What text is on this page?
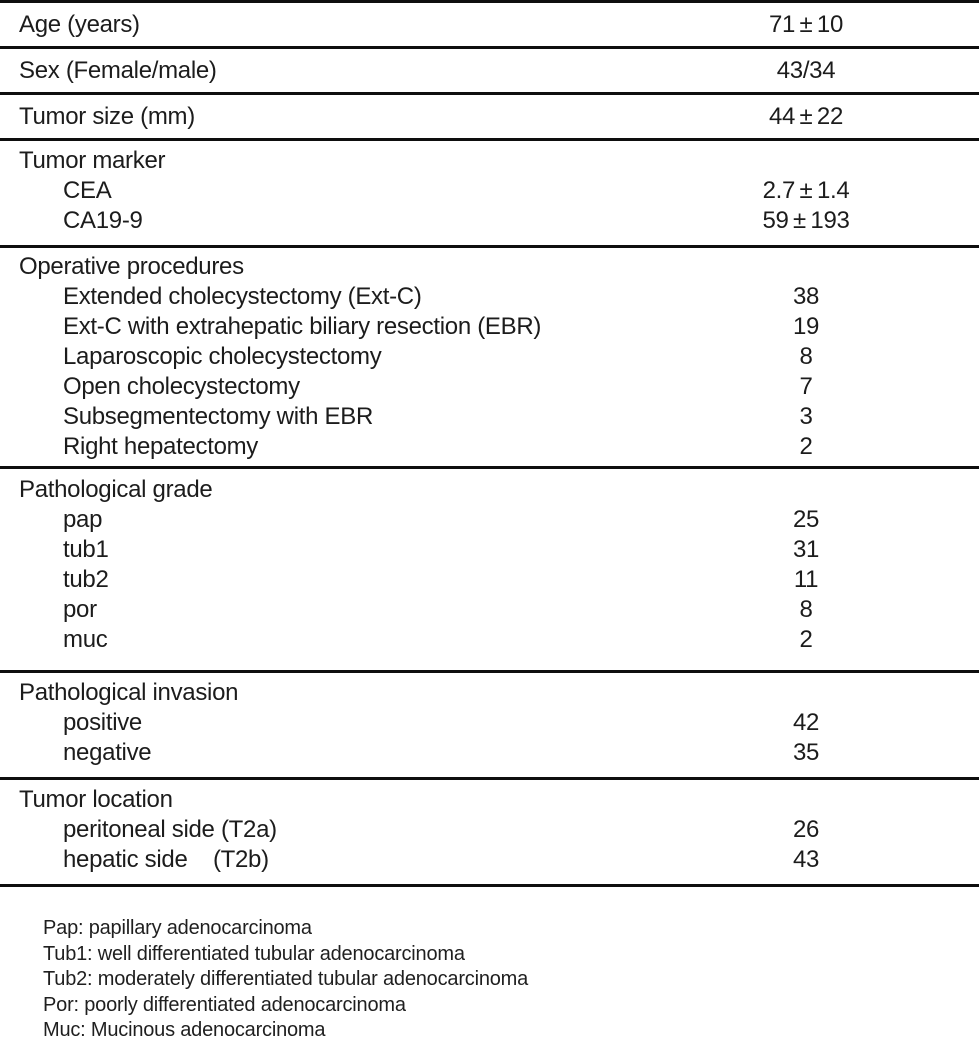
Age (years)	71 ± 10
Sex (Female/male)	43/34
Tumor size (mm)	44 ± 22
Tumor marker
CEA	2.7 ± 1.4
CA19-9	59 ± 193
Operative procedures
Extended cholecystectomy (Ext-C)	38
Ext-C with extrahepatic biliary resection (EBR)	19
Laparoscopic cholecystectomy	8
Open cholecystectomy	7
Subsegmentectomy with EBR	3
Right hepatectomy	2
Pathological grade
pap	25
tub1	31
tub2	11
por	8
muc	2
Pathological invasion
positive	42
negative	35
Tumor location
peritoneal side (T2a)	26
hepatic side    (T2b)	43
Pap: papillary adenocarcinoma
Tub1: well differentiated tubular adenocarcinoma
Tub2: moderately differentiated tubular adenocarcinoma
Por: poorly differentiated adenocarcinoma
Muc: Mucinous adenocarcinoma
